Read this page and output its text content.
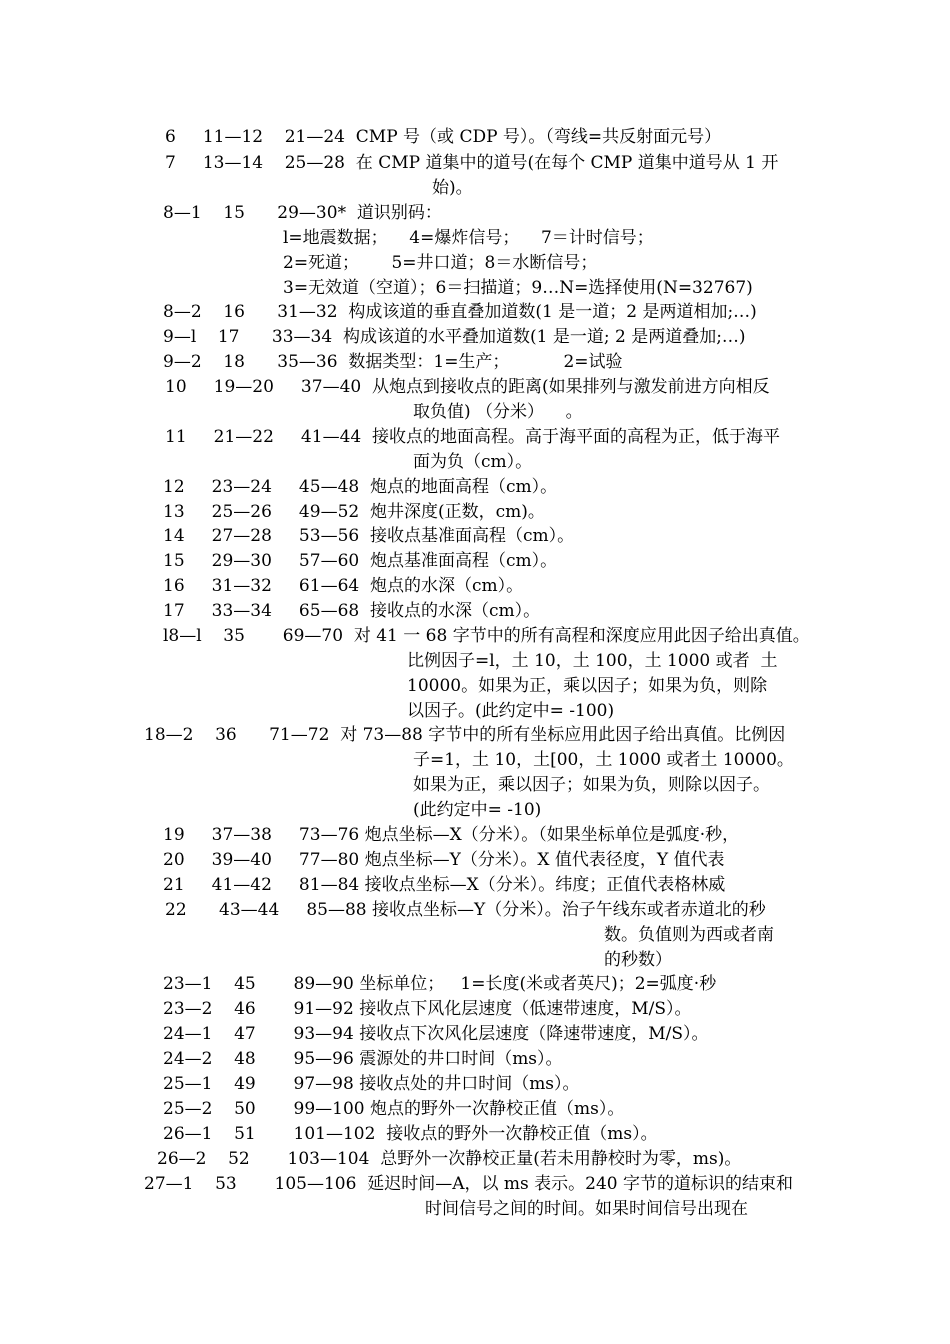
6     11—12    21—24  CMP 号（或 CDP 号）。（弯线=共反射面元号）
7     13—14    25—28  在 CMP 道集中的道号(在每个 CMP 道集中道号从 1 开
始)。
8—1    15      29—30*  道识别码：
l=地震数据；    4=爆炸信号；    7＝计时信号；
2=死道；      5=井口道；8＝水断信号；
3=无效道（空道）；6＝扫描道；9…N=选择使用(N=32767)
8—2    16      31—32  构成该道的垂直叠加道数(1 是一道；2 是两道相加;…)
9—l    17      33—34  构成该道的水平叠加道数(1 是一道; 2 是两道叠加;…)
9—2    18      35—36  数据类型：1=生产；          2=试验
10     19—20     37—40  从炮点到接收点的距离(如果排列与激发前进方向相反
取负值) （分米）    。
11     21—22     41—44  接收点的地面高程。高于海平面的高程为正，低于海平
面为负（cm）。
12     23—24     45—48  炮点的地面高程（cm）。
13     25—26     49—52  炮井深度(正数，cm)。
14     27—28     53—56  接收点基准面高程（cm）。
15     29—30     57—60  炮点基准面高程（cm）。
16     31—32     61—64  炮点的水深（cm）。
17     33—34     65—68  接收点的水深（cm）。
l8—l    35       69—70  对 41 一 68 字节中的所有高程和深度应用此因子给出真值。
比例因子=l，土 10，土 100，土 1000 或者  土
10000。如果为正，乘以因子；如果为负，则除
以因子。(此约定中= -100)
18—2    36      71—72  对 73—88 字节中的所有坐标应用此因子给出真值。比例因
子=1，土 10，土[00，土 1000 或者土 10000。
如果为正，乘以因子；如果为负，则除以因子。
(此约定中= -10)
19     37—38     73—76 炮点坐标—X（分米）。（如果坐标单位是弧度·秒，
20     39—40     77—80 炮点坐标—Y（分米）。X 值代表径度，Y 值代表
21     41—42     81—84 接收点坐标—X（分米）。纬度；正值代表格林威
22      43—44     85—88 接收点坐标—Y（分米）。治子午线东或者赤道北的秒
数。负值则为西或者南
的秒数）
23—1    45       89—90 坐标单位；   1=长度(米或者英尺)；2=弧度·秒
23—2    46       91—92 接收点下风化层速度（低速带速度，M/S）。
24—1    47       93—94 接收点下次风化层速度（降速带速度，M/S）。
24—2    48       95—96 震源处的井口时间（ms）。
25—1    49       97—98 接收点处的井口时间（ms）。
25—2    50       99—100 炮点的野外一次静校正值（ms）。
26—1    51       101—102  接收点的野外一次静校正值（ms）。
26—2    52       103—104  总野外一次静校正量(若未用静校时为零，ms)。
27—1    53       105—106  延迟时间—A，以 ms 表示。240 字节的道标识的结束和
时间信号之间的时间。如果时间信号出现在
